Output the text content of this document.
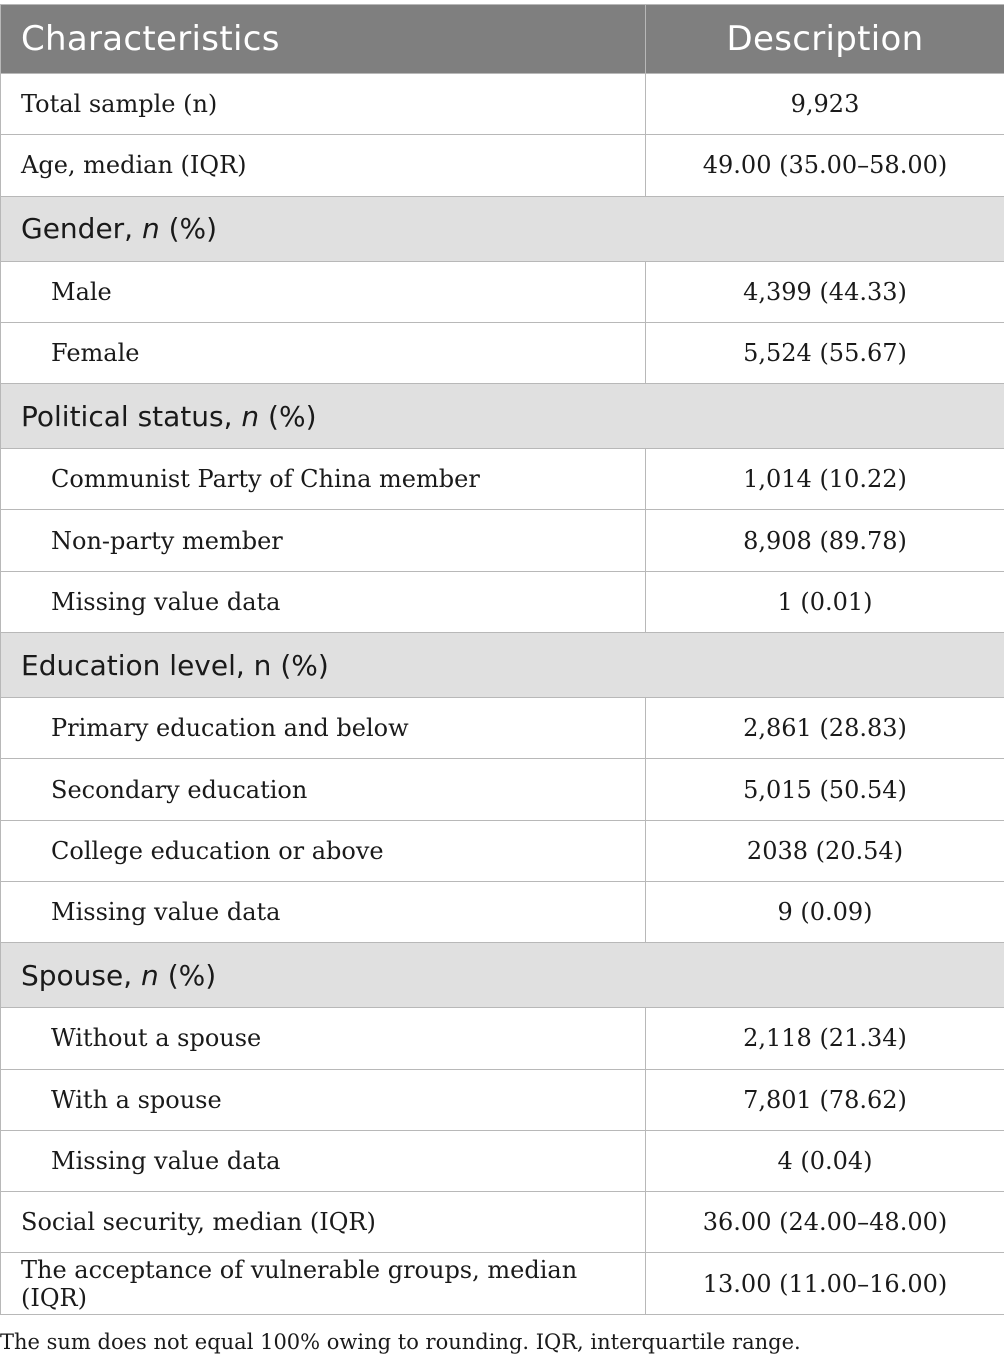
Characteristics	Description
Total sample (n)	9,923
Age, median (IQR)	49.00 (35.00–58.00)
Gender, n (%)	
Male	4,399 (44.33)
Female	5,524 (55.67)
Political status, n (%)	
Communist Party of China member	1,014 (10.22)
Non-party member	8,908 (89.78)
Missing value data	1 (0.01)
Education level, n (%)	
Primary education and below	2,861 (28.83)
Secondary education	5,015 (50.54)
College education or above	2038 (20.54)
Missing value data	9 (0.09)
Spouse, n (%)	
Without a spouse	2,118 (21.34)
With a spouse	7,801 (78.62)
Missing value data	4 (0.04)
Social security, median (IQR)	36.00 (24.00–48.00)
The acceptance of vulnerable groups, median (IQR)	13.00 (11.00–16.00)
The sum does not equal 100% owing to rounding. IQR, interquartile range.
